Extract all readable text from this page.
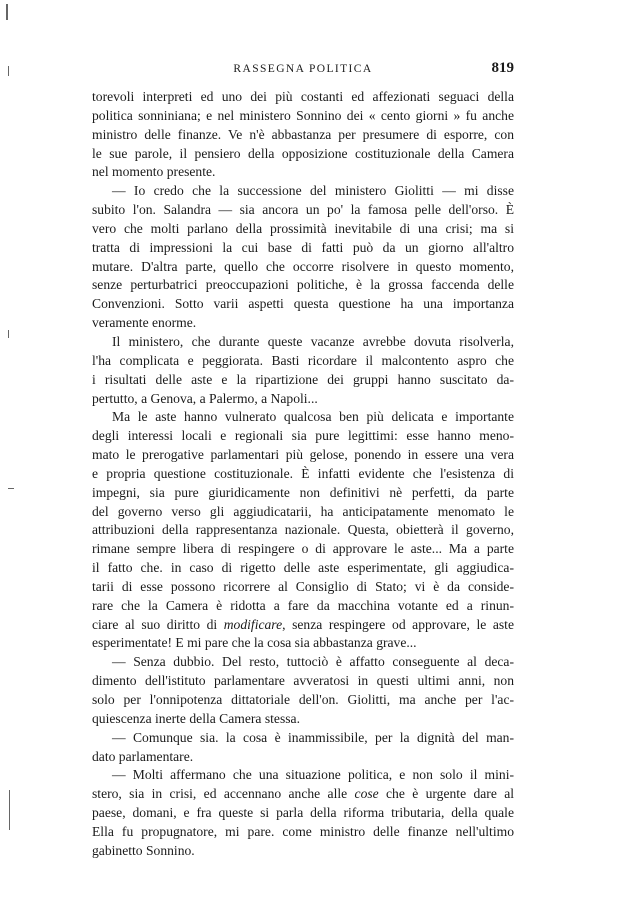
RASSEGNA POLITICA	819
torevoli interpreti ed uno dei più costanti ed affezionati seguaci della
politica sonniniana; e nel ministero Sonnino dei « cento giorni » fu anche
ministro delle finanze. Ve n'è abbastanza per presumere di esporre, con
le sue parole, il pensiero della opposizione costituzionale della Camera
nel momento presente.
— Io credo che la successione del ministero Giolitti — mi disse
subito l'on. Salandra — sia ancora un po' la famosa pelle dell'orso. È
vero che molti parlano della prossimità inevitabile di una crisi; ma si
tratta di impressioni la cui base di fatti può da un giorno all'altro
mutare. D'altra parte, quello che occorre risolvere in questo momento,
senze perturbatrici preoccupazioni politiche, è la grossa faccenda delle
Convenzioni. Sotto varii aspetti questa questione ha una importanza
veramente enorme.
Il ministero, che durante queste vacanze avrebbe dovuta risolverla,
l'ha complicata e peggiorata. Basti ricordare il malcontento aspro che
i risultati delle aste e la ripartizione dei gruppi hanno suscitato da-
pertutto, a Genova, a Palermo, a Napoli...
Ma le aste hanno vulnerato qualcosa ben più delicata e importante
degli interessi locali e regionali sia pure legittimi: esse hanno meno-
mato le prerogative parlamentari più gelose, ponendo in essere una vera
e propria questione costituzionale. È infatti evidente che l'esistenza di
impegni, sia pure giuridicamente non definitivi nè perfetti, da parte
del governo verso gli aggiudicatarii, ha anticipatamente menomato le
attribuzioni della rappresentanza nazionale. Questa, obietterà il governo,
rimane sempre libera di respingere o di approvare le aste... Ma a parte
il fatto che. in caso di rigetto delle aste esperimentate, gli aggiudica-
tarii di esse possono ricorrere al Consiglio di Stato; vi è da conside-
rare che la Camera è ridotta a fare da macchina votante ed a rinun-
ciare al suo diritto di modificare, senza respingere od approvare, le aste
esperimentate! E mi pare che la cosa sia abbastanza grave...
— Senza dubbio. Del resto, tuttociò è affatto conseguente al deca-
dimento dell'istituto parlamentare avveratosi in questi ultimi anni, non
solo per l'onnipotenza dittatoriale dell'on. Giolitti, ma anche per l'ac-
quiescenza inerte della Camera stessa.
— Comunque sia. la cosa è inammissibile, per la dignità del man-
dato parlamentare.
— Molti affermano che una situazione politica, e non solo il mini-
stero, sia in crisi, ed accennano anche alle cose che è urgente dare al
paese, domani, e fra queste si parla della riforma tributaria, della quale
Ella fu propugnatore, mi pare. come ministro delle finanze nell'ultimo
gabinetto Sonnino.
